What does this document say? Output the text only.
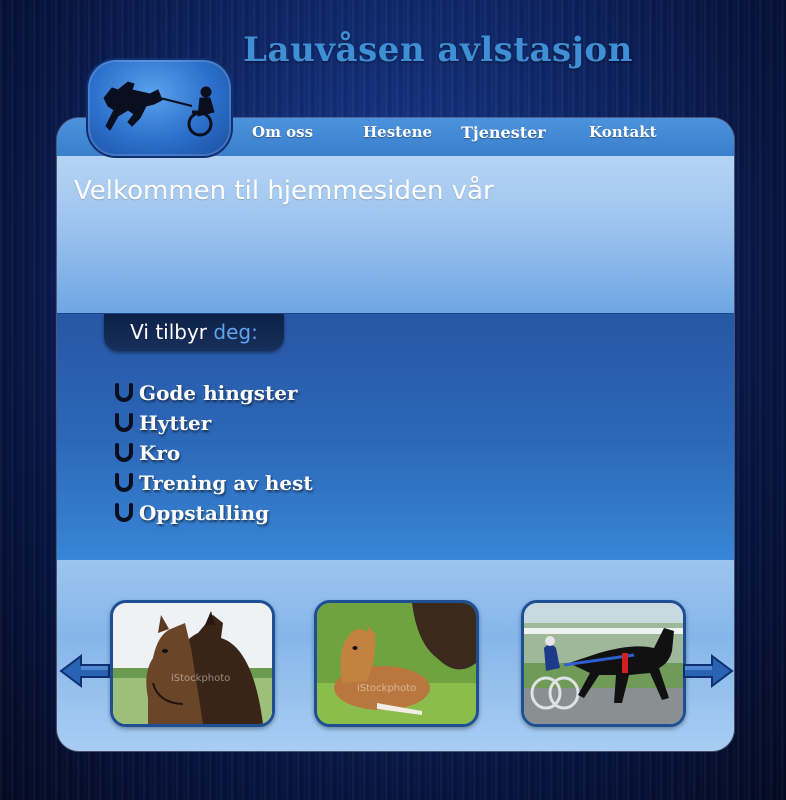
Lauvåsen avlstasjon
Om oss	Hestene Tjenester	Kontakt
Velkommen til hjemmesiden vår
Vi tilbyr deg:
Gode hingster
Hytter
Kro
Trening av hest
Oppstalling
iStockphoto
iStockphoto
